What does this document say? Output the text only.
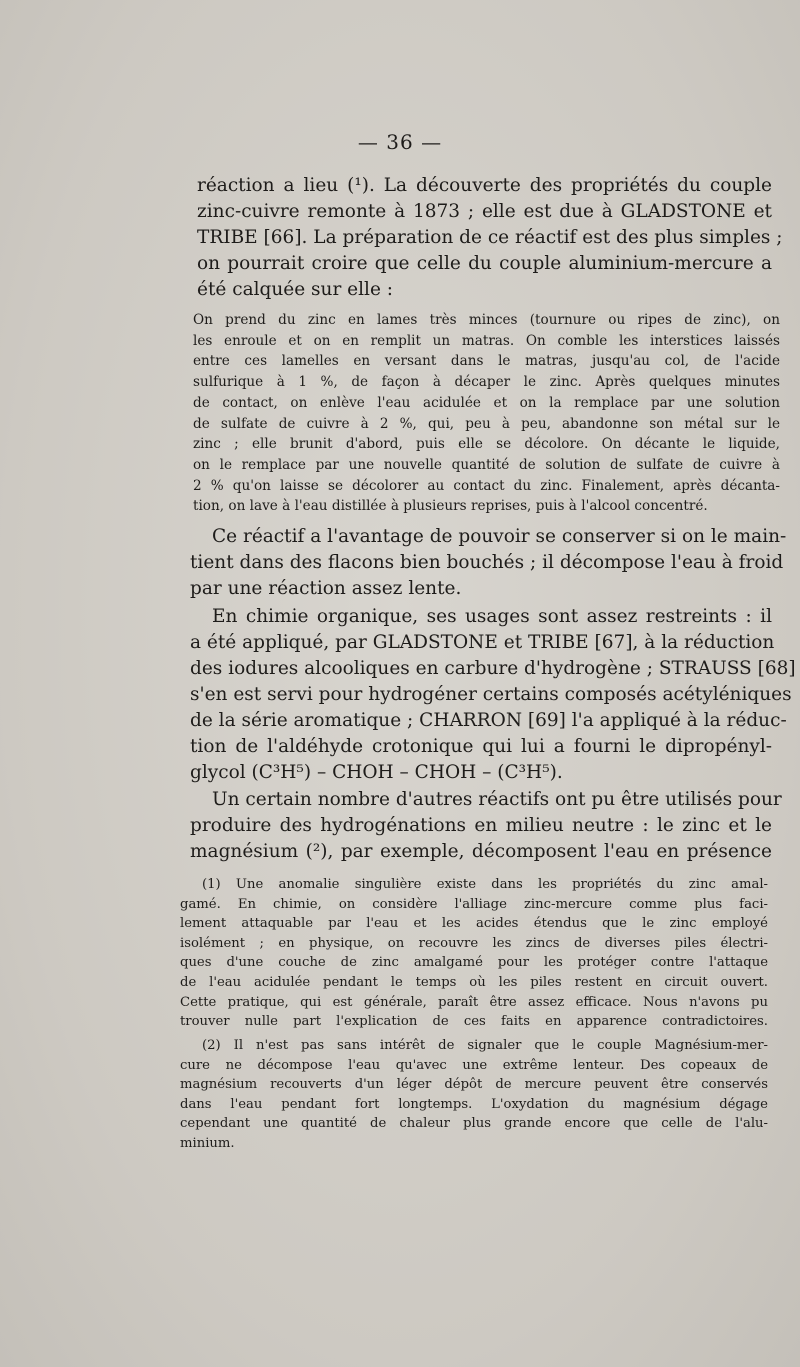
— 36 —
réaction a lieu (¹). La découverte des propriétés du couple
zinc-cuivre remonte à 1873 ; elle est due à GLADSTONE et
TRIBE [66]. La préparation de ce réactif est des plus simples ;
on pourrait croire que celle du couple aluminium-mercure a
été calquée sur elle :
On prend du zinc en lames très minces (tournure ou ripes de zinc), on
les enroule et on en remplit un matras. On comble les interstices laissés
entre ces lamelles en versant dans le matras, jusqu'au col, de l'acide
sulfurique à 1 %, de façon à décaper le zinc. Après quelques minutes
de contact, on enlève l'eau acidulée et on la remplace par une solution
de sulfate de cuivre à 2 %, qui, peu à peu, abandonne son métal sur le
zinc ; elle brunit d'abord, puis elle se décolore. On décante le liquide,
on le remplace par une nouvelle quantité de solution de sulfate de cuivre à
2 % qu'on laisse se décolorer au contact du zinc. Finalement, après décanta-
tion, on lave à l'eau distillée à plusieurs reprises, puis à l'alcool concentré.
Ce réactif a l'avantage de pouvoir se conserver si on le main-
tient dans des flacons bien bouchés ; il décompose l'eau à froid
par une réaction assez lente.
En chimie organique, ses usages sont assez restreints : il
a été appliqué, par GLADSTONE et TRIBE [67], à la réduction
des iodures alcooliques en carbure d'hydrogène ; STRAUSS [68]
s'en est servi pour hydrogéner certains composés acétyléniques
de la série aromatique ; CHARRON [69] l'a appliqué à la réduc-
tion de l'aldéhyde crotonique qui lui a fourni le dipropényl-
glycol (C³H⁵) – CHOH – CHOH – (C³H⁵).
Un certain nombre d'autres réactifs ont pu être utilisés pour
produire des hydrogénations en milieu neutre : le zinc et le
magnésium (²), par exemple, décomposent l'eau en présence
(1) Une anomalie singulière existe dans les propriétés du zinc amal-
gamé. En chimie, on considère l'alliage zinc-mercure comme plus faci-
lement attaquable par l'eau et les acides étendus que le zinc employé
isolément ; en physique, on recouvre les zincs de diverses piles électri-
ques d'une couche de zinc amalgamé pour les protéger contre l'attaque
de l'eau acidulée pendant le temps où les piles restent en circuit ouvert.
Cette pratique, qui est générale, paraît être assez efficace. Nous n'avons pu
trouver nulle part l'explication de ces faits en apparence contradictoires.
(2) Il n'est pas sans intérêt de signaler que le couple Magnésium-mer-
cure ne décompose l'eau qu'avec une extrême lenteur. Des copeaux de
magnésium recouverts d'un léger dépôt de mercure peuvent être conservés
dans l'eau pendant fort longtemps. L'oxydation du magnésium dégage
cependant une quantité de chaleur plus grande encore que celle de l'alu-
minium.
